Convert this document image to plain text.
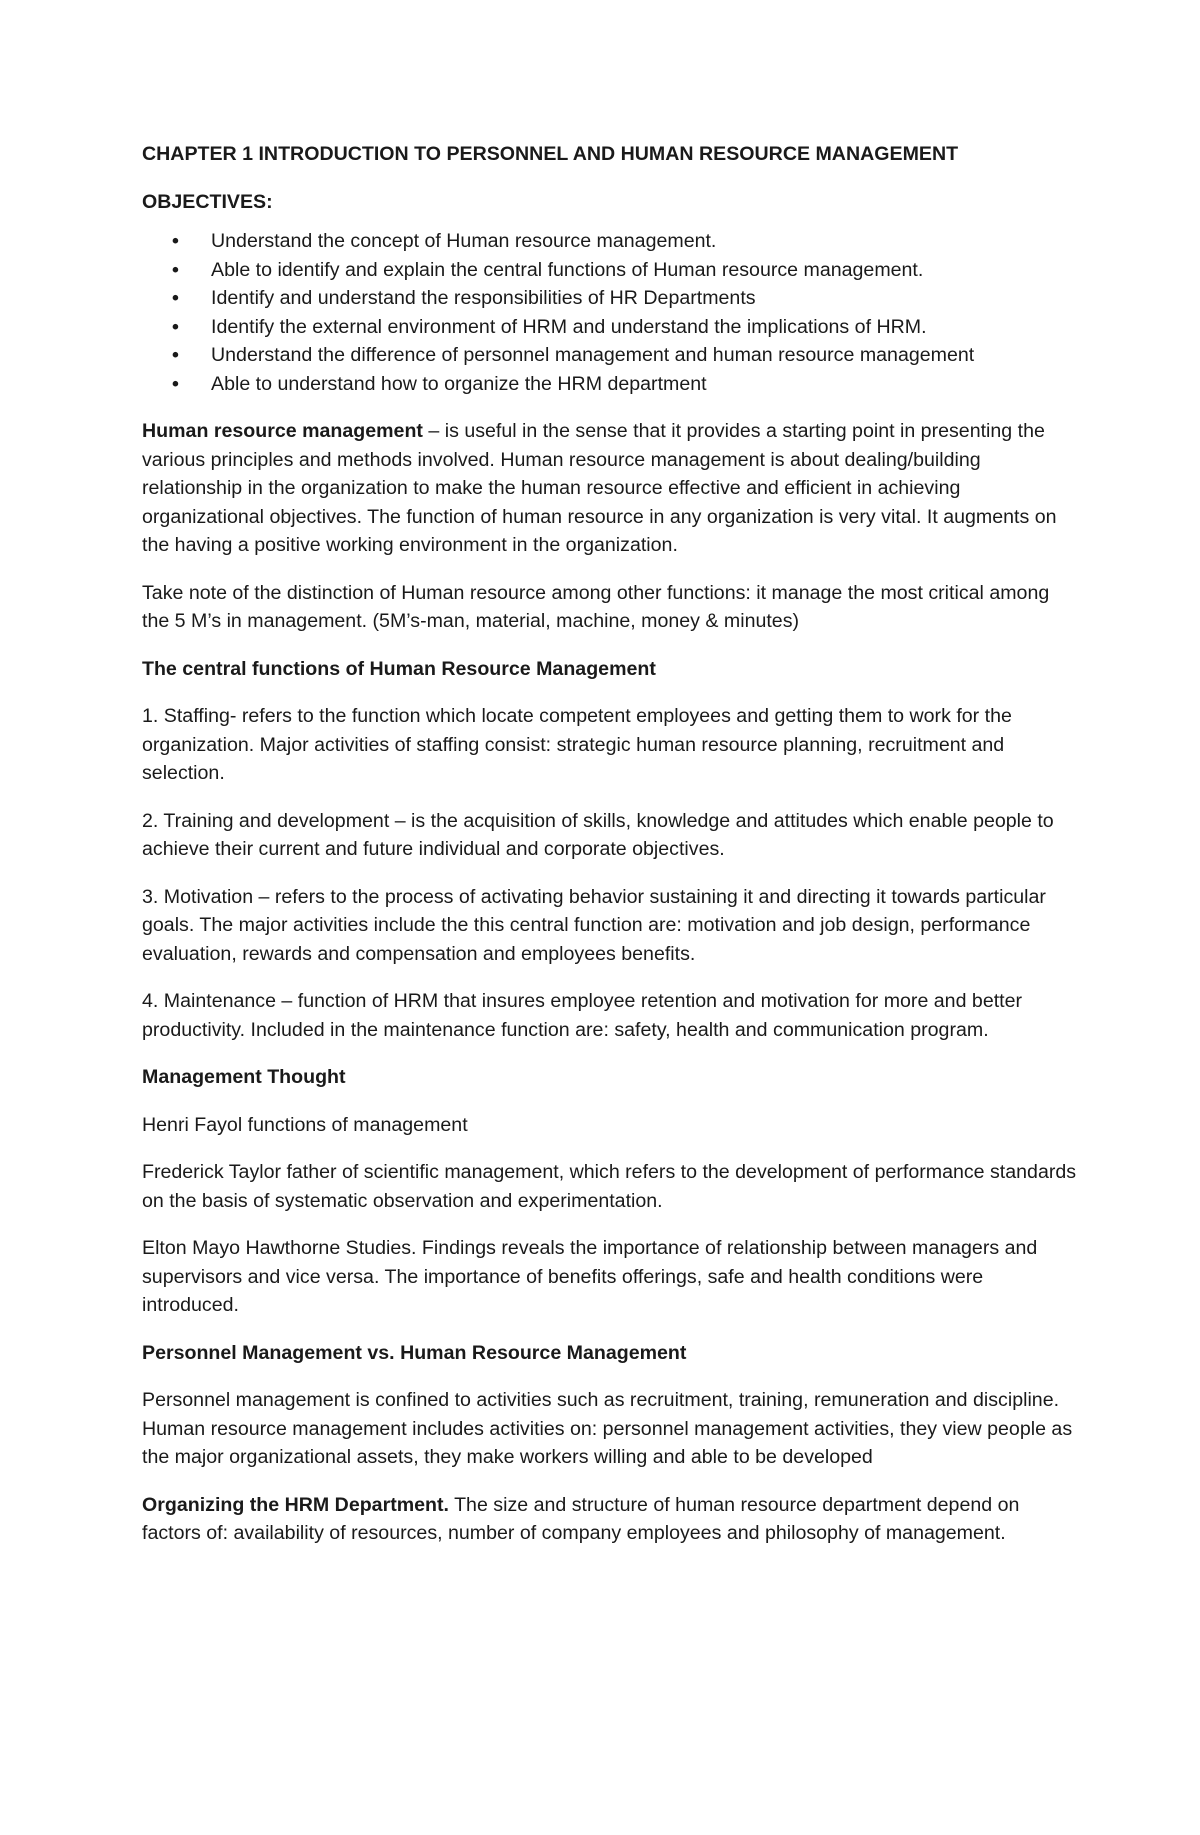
CHAPTER 1 INTRODUCTION TO PERSONNEL AND HUMAN RESOURCE MANAGEMENT

OBJECTIVES:

• Understand the concept of Human resource management.
• Able to identify and explain the central functions of Human resource management.
• Identify and understand the responsibilities of HR Departments
• Identify the external environment of HRM and understand the implications of HRM.
• Understand the difference of personnel management and human resource management
• Able to understand how to organize the HRM department

Human resource management – is useful in the sense that it provides a starting point in presenting the various principles and methods involved. Human resource management is about dealing/building relationship in the organization to make the human resource effective and efficient in achieving organizational objectives. The function of human resource in any organization is very vital. It augments on the having a positive working environment in the organization.

Take note of the distinction of Human resource among other functions: it manage the most critical among the 5 M’s in management. (5M’s-man, material, machine, money & minutes)

The central functions of Human Resource Management

1. Staffing- refers to the function which locate competent employees and getting them to work for the organization. Major activities of staffing consist: strategic human resource planning, recruitment and selection.

2. Training and development – is the acquisition of skills, knowledge and attitudes which enable people to achieve their current and future individual and corporate objectives.

3. Motivation – refers to the process of activating behavior sustaining it and directing it towards particular goals. The major activities include the this central function are: motivation and job design, performance evaluation, rewards and compensation and employees benefits.

4. Maintenance – function of HRM that insures employee retention and motivation for more and better productivity. Included in the maintenance function are: safety, health and communication program.

Management Thought

Henri Fayol functions of management

Frederick Taylor father of scientific management, which refers to the development of performance standards on the basis of systematic observation and experimentation.

Elton Mayo Hawthorne Studies. Findings reveals the importance of relationship between managers and supervisors and vice versa. The importance of benefits offerings, safe and health conditions were introduced.

Personnel Management vs. Human Resource Management

Personnel management is confined to activities such as recruitment, training, remuneration and discipline. Human resource management includes activities on: personnel management activities, they view people as the major organizational assets, they make workers willing and able to be developed

Organizing the HRM Department. The size and structure of human resource department depend on factors of: availability of resources, number of company employees and philosophy of management.
